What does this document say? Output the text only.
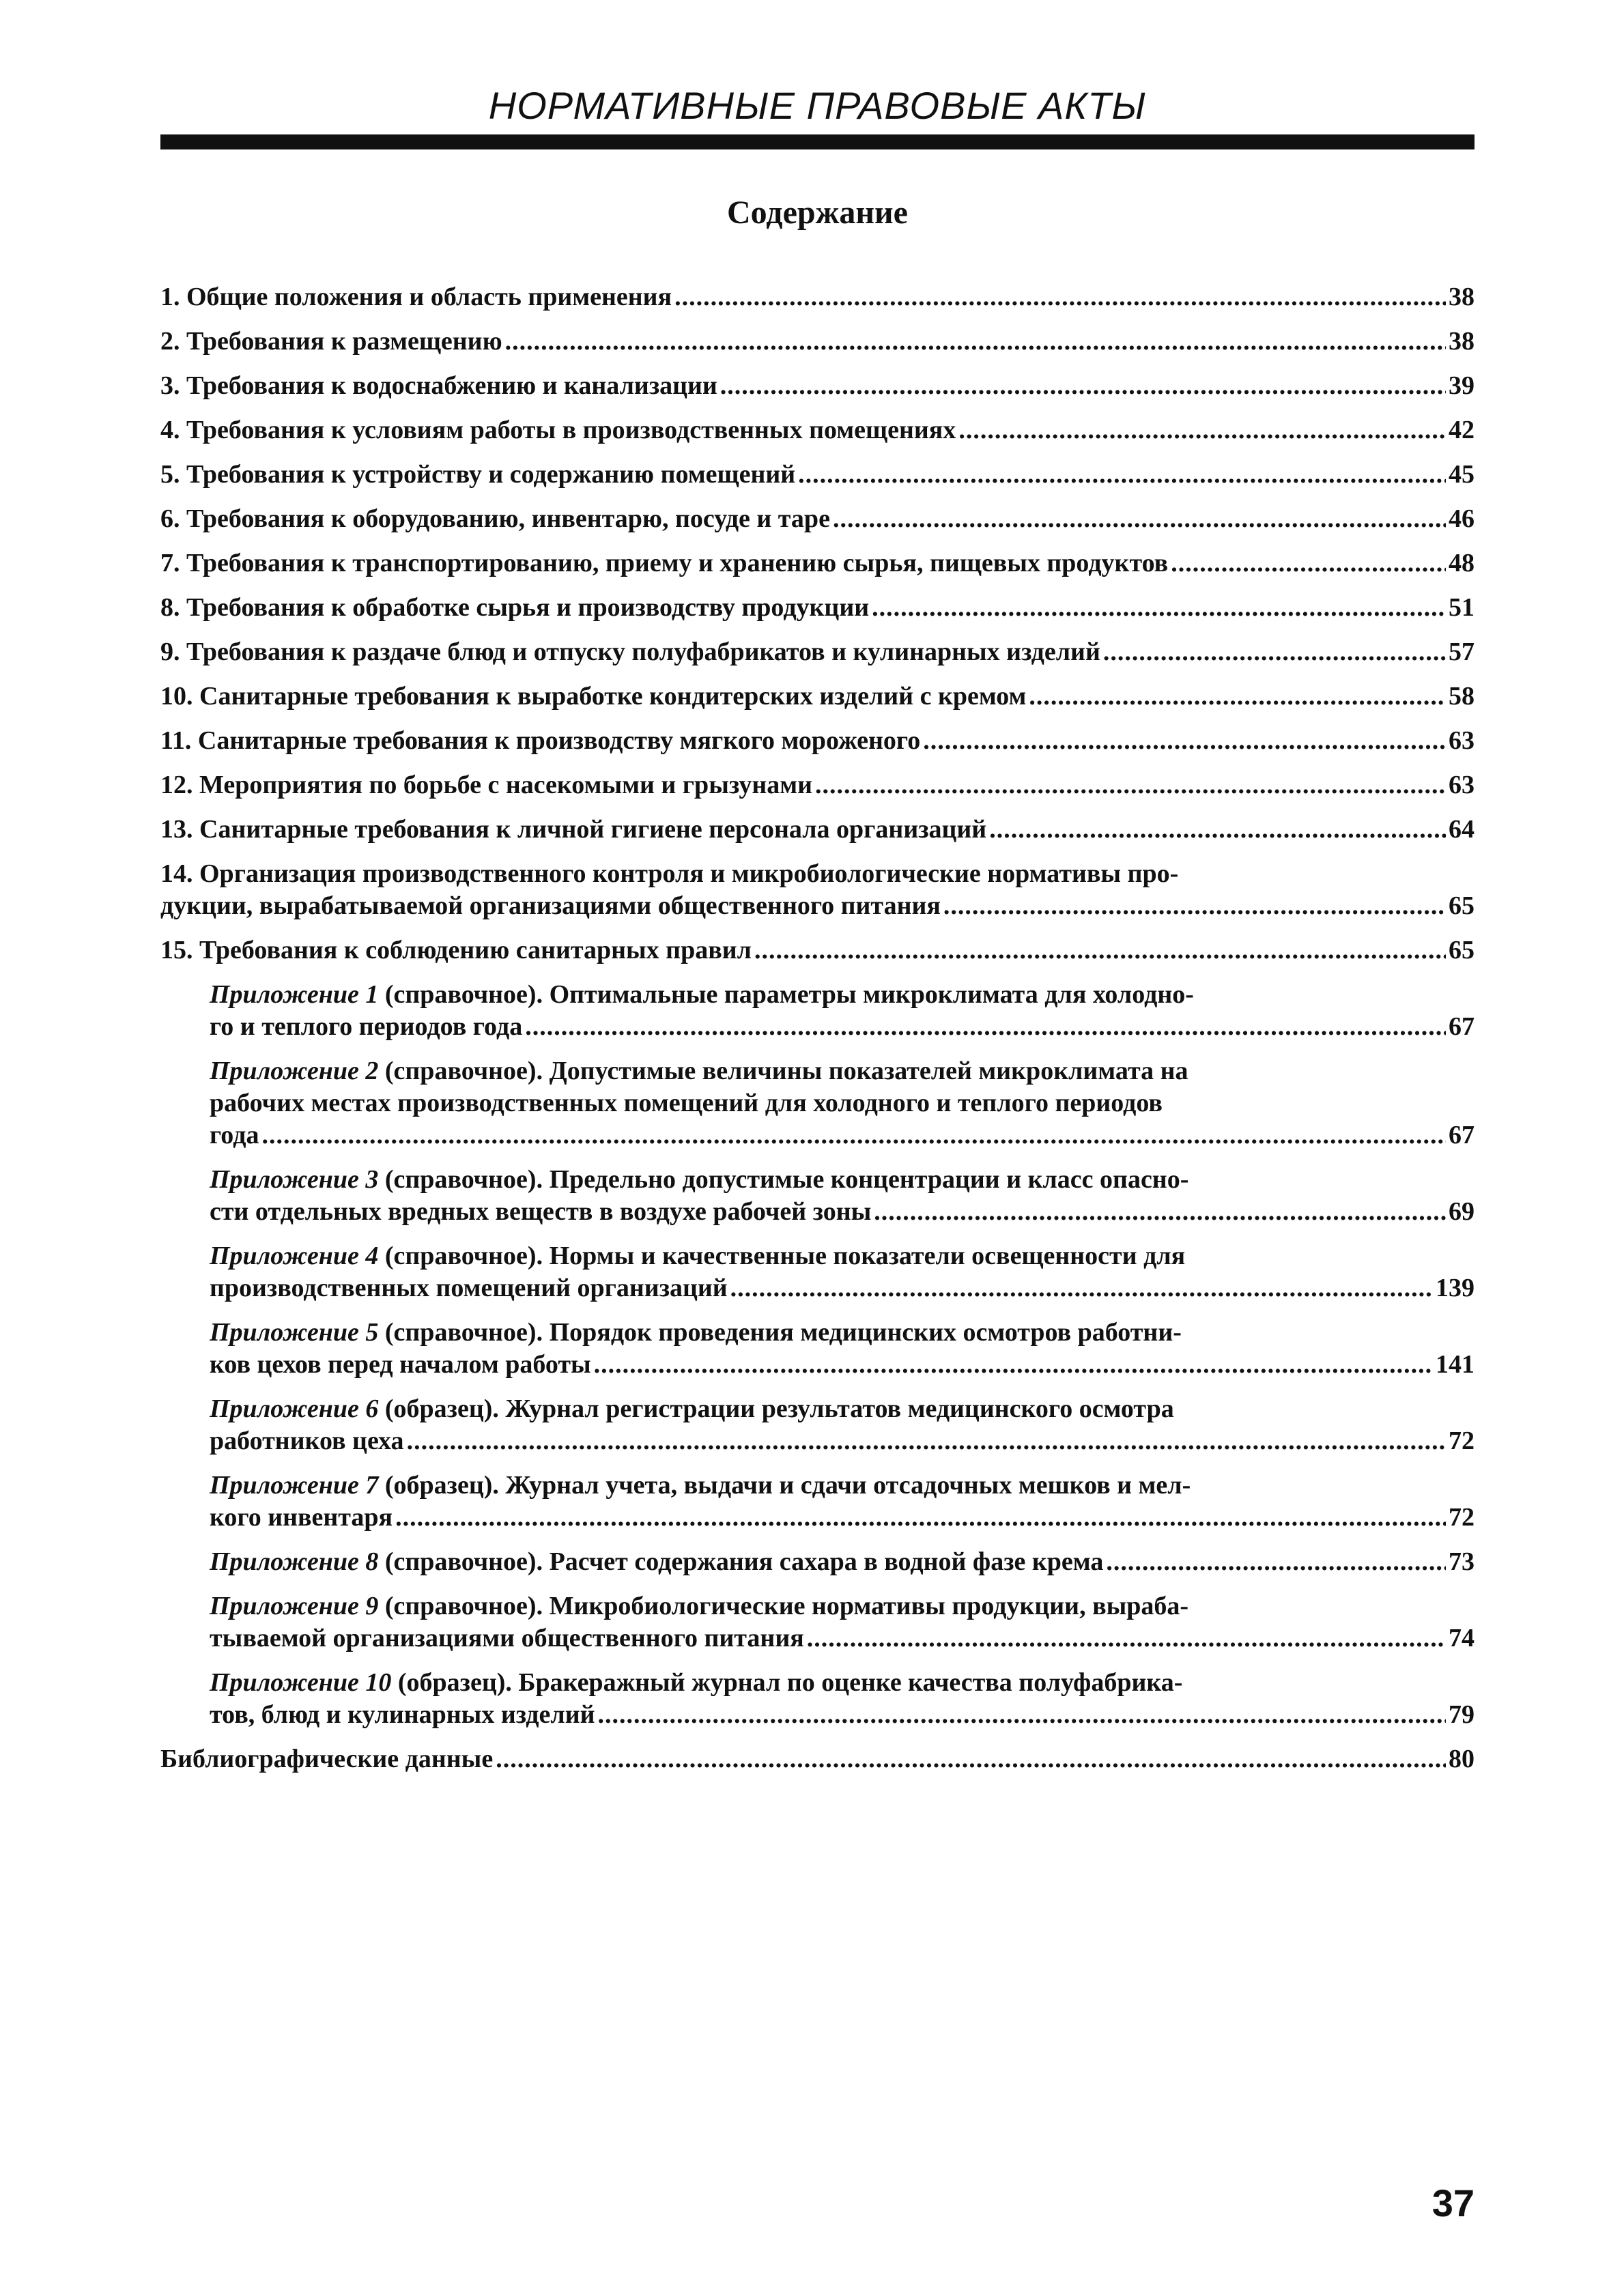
НОРМАТИВНЫЕ ПРАВОВЫЕ АКТЫ
Содержание
1. Общие положения и область применения .....	38
2. Требования к размещению .....	38
3. Требования к водоснабжению и канализации .....	39
4. Требования к условиям работы в производственных помещениях .....	42
5. Требования к устройству и содержанию помещений .....	45
6. Требования к оборудованию, инвентарю, посуде и таре .....	46
7. Требования к транспортированию, приему и хранению сырья, пищевых продуктов .....	48
8. Требования к обработке сырья и производству продукции .....	51
9. Требования к раздаче блюд и отпуску полуфабрикатов и кулинарных изделий .....	57
10. Санитарные требования к выработке кондитерских изделий с кремом .....	58
11. Санитарные требования к производству мягкого мороженого .....	63
12. Мероприятия по борьбе с насекомыми и грызунами .....	63
13. Санитарные требования к личной гигиене персонала организаций .....	64
14. Организация производственного контроля и микробиологические нормативы про-
дукции, вырабатываемой организациями общественного питания .....	65
15. Требования к соблюдению санитарных правил .....	65
Приложение 1 (справочное). Оптимальные параметры микроклимата для холодно-
го и теплого периодов года .....	67
Приложение 2 (справочное). Допустимые величины показателей микроклимата на
рабочих местах производственных помещений для холодного и теплого периодов
года .....	67
Приложение 3 (справочное). Предельно допустимые концентрации и класс опасно-
сти отдельных вредных веществ в воздухе рабочей зоны .....	69
Приложение 4 (справочное). Нормы и качественные показатели освещенности для
производственных помещений организаций .....	139
Приложение 5 (справочное). Порядок проведения медицинских осмотров работни-
ков цехов перед началом работы .....	141
Приложение 6 (образец). Журнал регистрации результатов медицинского осмотра
работников цеха .....	72
Приложение 7 (образец). Журнал учета, выдачи и сдачи отсадочных мешков и мел-
кого инвентаря .....	72
Приложение 8 (справочное). Расчет содержания сахара в водной фазе крема .....	73
Приложение 9 (справочное). Микробиологические нормативы продукции, выраба-
тываемой организациями общественного питания .....	74
Приложение 10 (образец). Бракеражный журнал по оценке качества полуфабрика-
тов, блюд и кулинарных изделий .....	79
Библиографические данные .....	80
37
